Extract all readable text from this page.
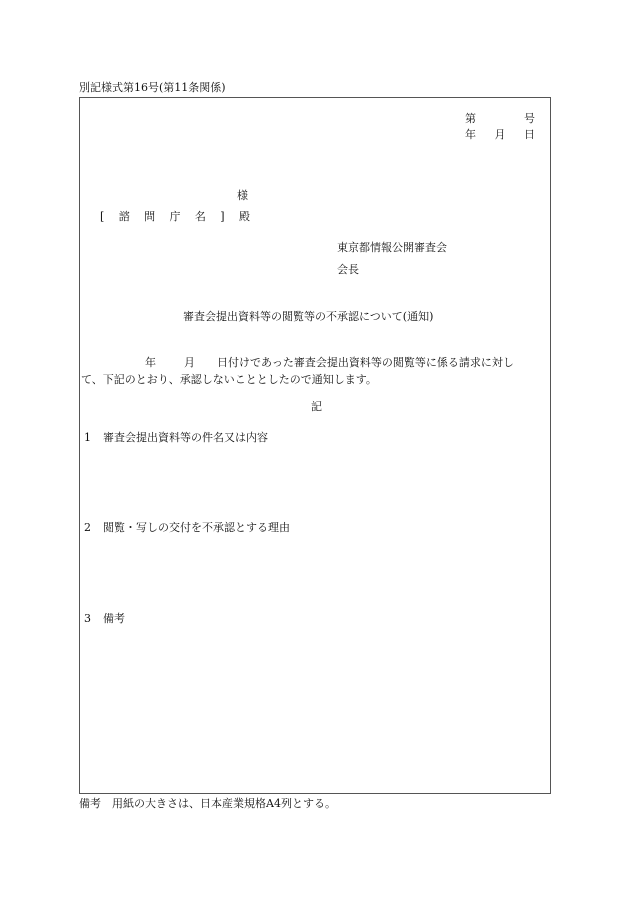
別記様式第16号(第11条関係)
第	号
年 月 日
様
[ 諮 問 庁 名 ] 殿
東京都情報公開審査会
会長
審査会提出資料等の閲覧等の不承認について(通知)
年	月 日付けであった審査会提出資料等の閲覧等に係る請求に対し
て、下記のとおり、承認しないこととしたので通知します。
記
1 審査会提出資料等の件名又は内容
2 閲覧・写しの交付を不承認とする理由
3 備考
備考　用紙の大きさは、日本産業規格A4列とする。
